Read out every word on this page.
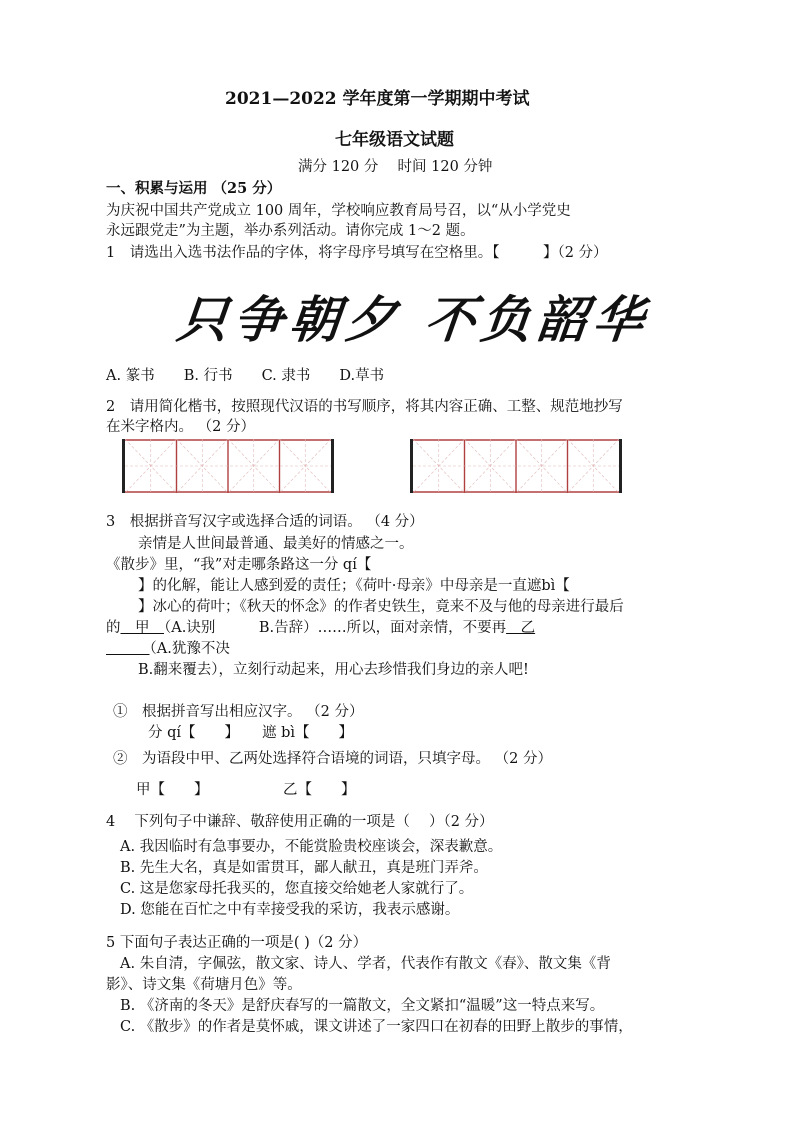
2021—2022 学年度第一学期期中考试
七年级语文试题
满分 120 分　 时间 120 分钟
一、积累与运用 （25 分）
为庆祝中国共产党成立 100 周年，学校响应教育局号召，以“从小学党史
永远跟党走”为主题，举办系列活动。请你完成 1～2 题。
1　请选出入选书法作品的字体，将字母序号填写在空格里。【　　　】（2 分）
只争朝夕 不负韶华
A. 篆书　　B. 行书　　C. 隶书　　D.草书
2　请用简化楷书，按照现代汉语的书写顺序，将其内容正确、工整、规范地抄写
在米字格内。 （2 分）
3　根据拼音写汉字或选择合适的词语。 （4 分）
亲情是人世间最普通、最美好的情感之一。
《散步》里，“我”对走哪条路这一分 qí【
】的化解，能让人感到爱的责任；《荷叶·母亲》中母亲是一直遮bì【
】冰心的荷叶；《秋天的怀念》的作者史铁生，竟来不及与他的母亲进行最后
的　甲　（A.诀别　　　B.告辞）……所以，面对亲情，不要再　乙
　　　（A.犹豫不决
B.翻来覆去），立刻行动起来，用心去珍惜我们身边的亲人吧!
①　根据拼音写出相应汉字。 （2 分）
分 qí【　　】 遮 bì【　　】
②　为语段中甲、乙两处选择符合语境的词语，只填字母。 （2 分）
甲【　　】	乙【　　】
4　 下列句子中谦辞、敬辞使用正确的一项是（　 ）（2 分）
A. 我因临时有急事要办，不能赏脸贵校座谈会，深表歉意。
B. 先生大名，真是如雷贯耳，鄙人献丑，真是班门弄斧。
C. 这是您家母托我买的，您直接交给她老人家就行了。
D. 您能在百忙之中有幸接受我的采访，我表示感谢。
5 下面句子表达正确的一项是( )（2 分）
A. 朱自清，字佩弦，散文家、诗人、学者，代表作有散文《春》、散文集《背
影》、诗文集《荷塘月色》等。
B. 《济南的冬天》是舒庆春写的一篇散文，全文紧扣“温暖”这一特点来写。
C. 《散步》的作者是莫怀戚，课文讲述了一家四口在初春的田野上散步的事情，
